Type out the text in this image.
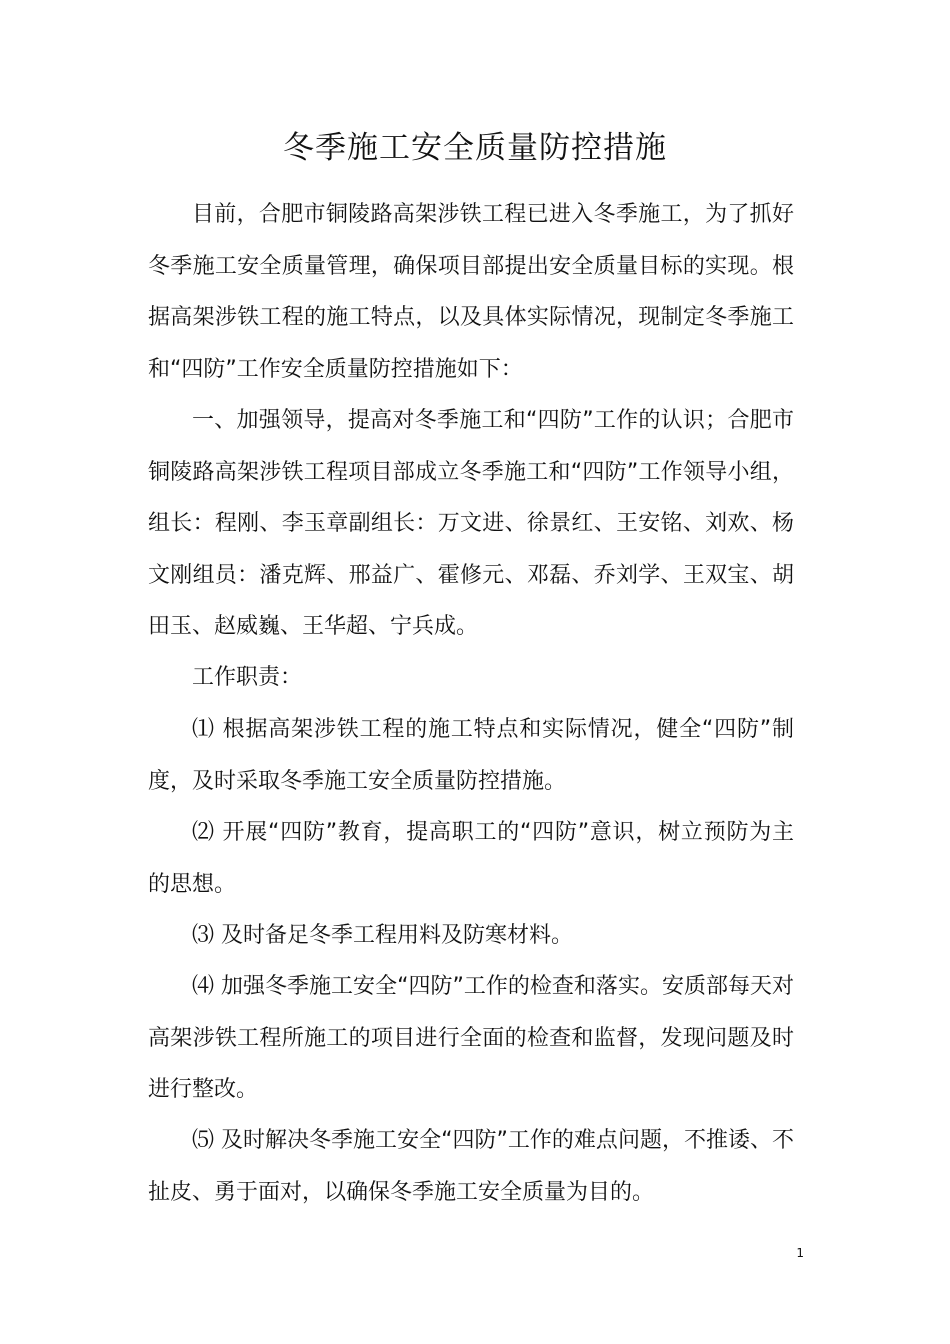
冬季施工安全质量防控措施

目前，合肥市铜陵路高架涉铁工程已进入冬季施工，为了抓好冬季施工安全质量管理，确保项目部提出安全质量目标的实现。根据高架涉铁工程的施工特点，以及具体实际情况，现制定冬季施工和“四防”工作安全质量防控措施如下：

一、加强领导，提高对冬季施工和“四防”工作的认识；合肥市铜陵路高架涉铁工程项目部成立冬季施工和“四防”工作领导小组，组长：程刚、李玉章副组长：万文进、徐景红、王安铭、刘欢、杨文刚组员：潘克辉、邢益广、霍修元、邓磊、乔刘学、王双宝、胡田玉、赵威巍、王华超、宁兵成。

工作职责：

⑴ 根据高架涉铁工程的施工特点和实际情况，健全“四防”制度，及时采取冬季施工安全质量防控措施。

⑵ 开展“四防”教育，提高职工的“四防”意识，树立预防为主的思想。

⑶ 及时备足冬季工程用料及防寒材料。

⑷ 加强冬季施工安全“四防”工作的检查和落实。安质部每天对高架涉铁工程所施工的项目进行全面的检查和监督，发现问题及时进行整改。

⑸ 及时解决冬季施工安全“四防”工作的难点问题，不推诿、不扯皮、勇于面对，以确保冬季施工安全质量为目的。

1
